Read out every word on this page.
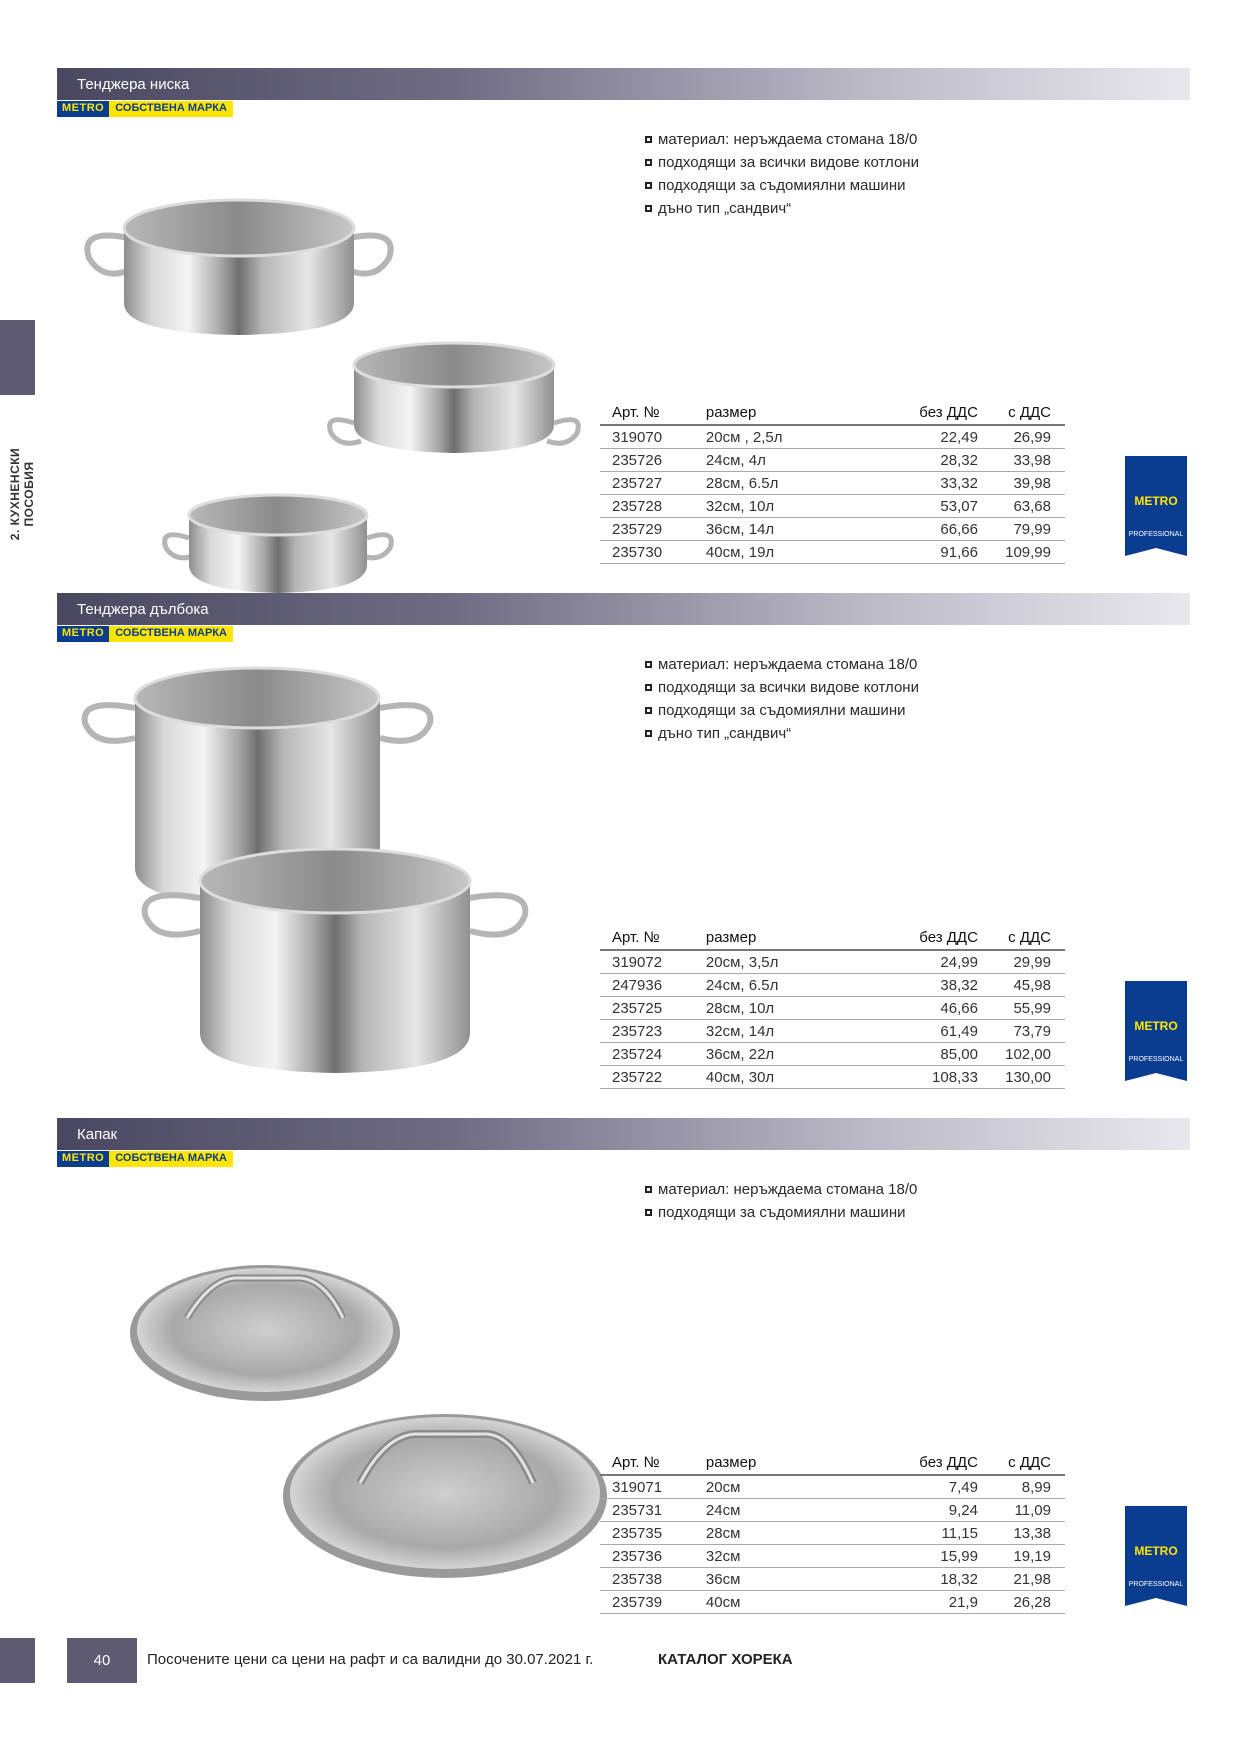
2. КУХНЕНСКИ ПОСОБИЯ
Тенджера ниска
METRO	СОБСТВЕНА МАРКА
материал: неръждаема стомана 18/0
подходящи за всички видове котлони
подходящи за съдомиялни машини
дъно тип „сандвич“
Арт. №	размер	без ДДС	с ДДС
319070	20см , 2,5л	22,49	26,99
235726	24см, 4л	28,32	33,98
235727	28см, 6.5л	33,32	39,98
235728	32см, 10л	53,07	63,68
235729	36см, 14л	66,66	79,99
235730	40см, 19л	91,66	109,99
METRO
PROFESSIONAL
Тенджера дълбока
METRO	СОБСТВЕНА МАРКА
материал: неръждаема стомана 18/0
подходящи за всички видове котлони
подходящи за съдомиялни машини
дъно тип „сандвич“
Арт. №	размер	без ДДС	с ДДС
319072	20см, 3,5л	24,99	29,99
247936	24см, 6.5л	38,32	45,98
235725	28см, 10л	46,66	55,99
235723	32см, 14л	61,49	73,79
235724	36см, 22л	85,00	102,00
235722	40см, 30л	108,33	130,00
METRO
PROFESSIONAL
Капак
METRO	СОБСТВЕНА МАРКА
материал: неръждаема стомана 18/0
подходящи за съдомиялни машини
Арт. №	размер	без ДДС	с ДДС
319071	20см	7,49	8,99
235731	24см	9,24	11,09
235735	28см	11,15	13,38
235736	32см	15,99	19,19
235738	36см	18,32	21,98
235739	40см	21,9	26,28
METRO
PROFESSIONAL
40	Посочените цени са цени на рафт и са валидни до 30.07.2021 г.	КАТАЛОГ ХОРЕКА
